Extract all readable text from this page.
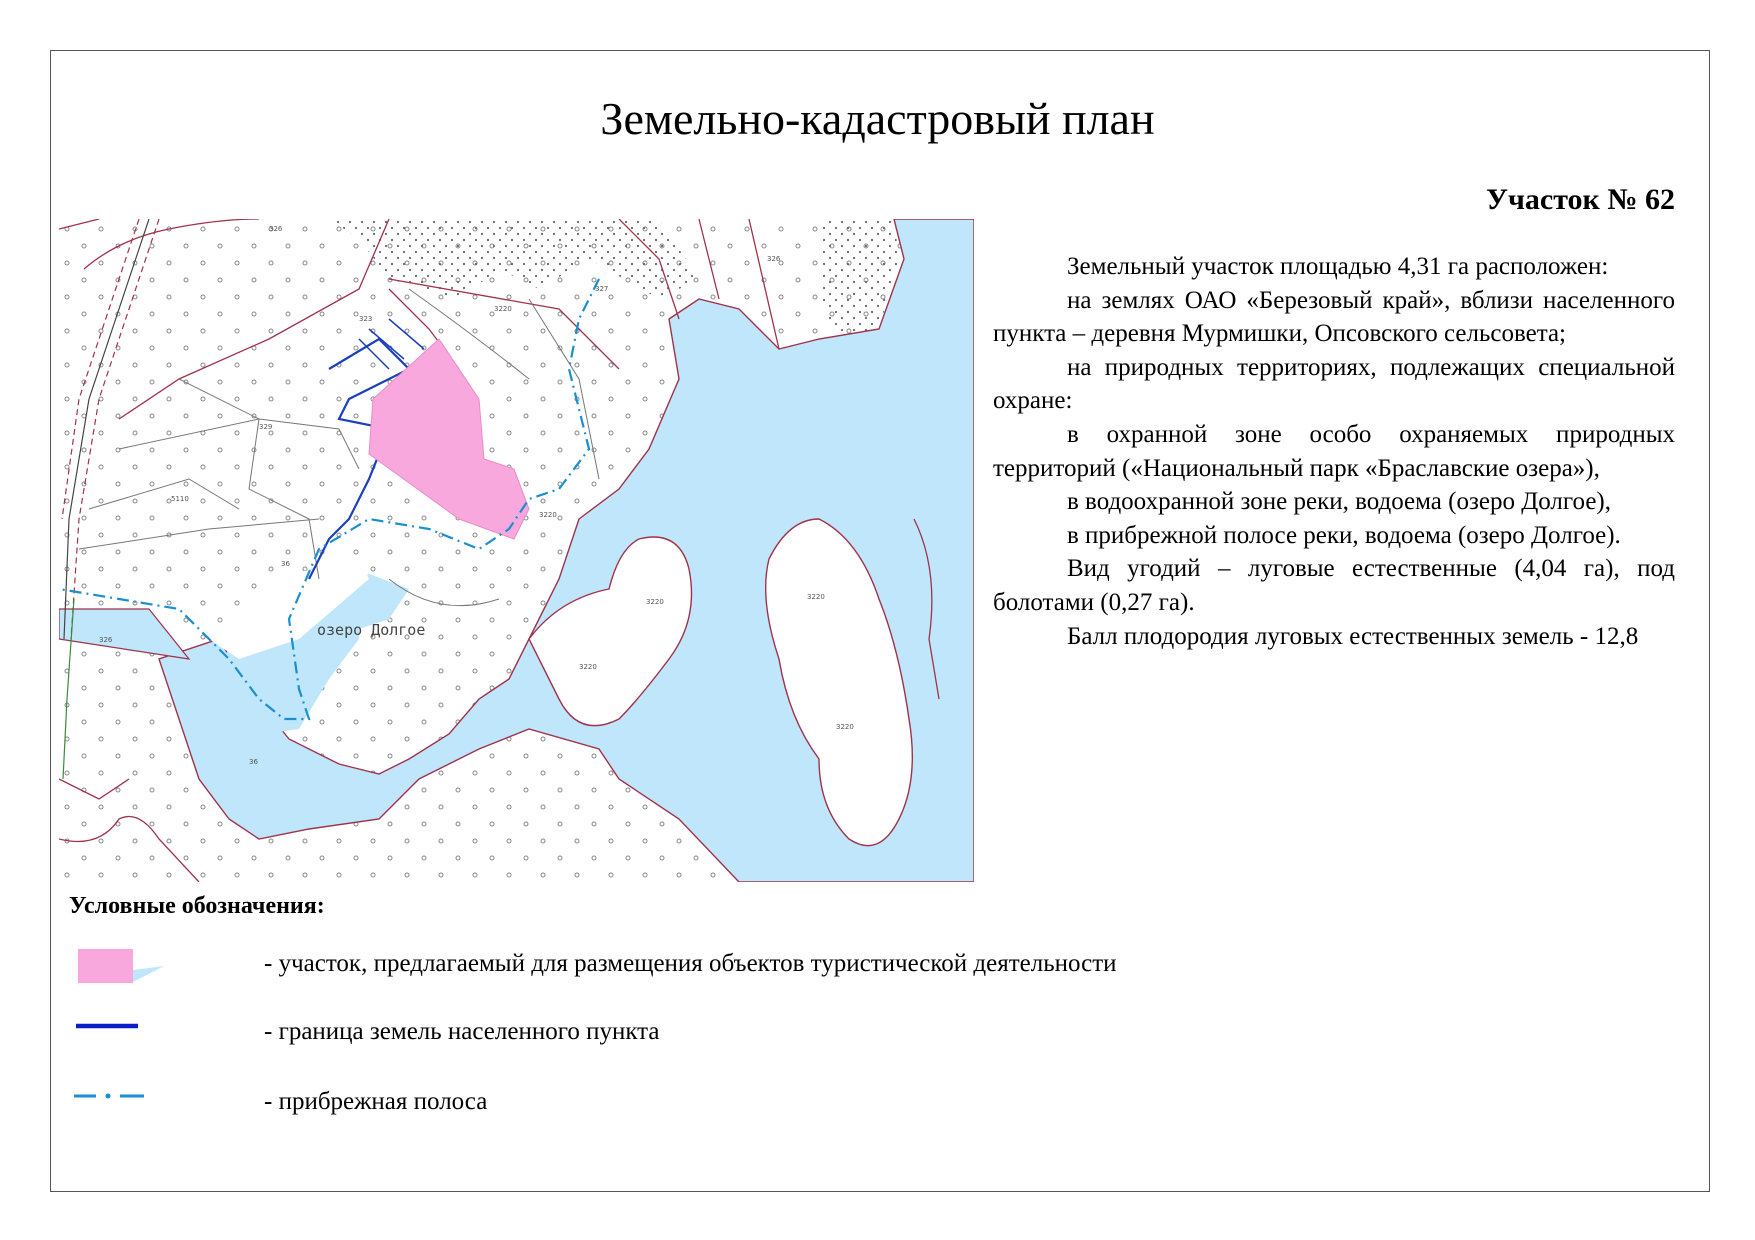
Земельно-кадастровый план
Участок № 62

Земельный участок площадью 4,31 га расположен:

на землях ОАО «Березовый край», вблизи населенного пункта – деревня Мурмишки, Опсовского сельсовета;

на природных территориях, подлежащих специальной охране:

в охранной зоне особо охраняемых природных территорий («Национальный парк «Браславские озера»),

в водоохранной зоне реки, водоема (озеро Долгое),

в прибрежной полосе реки, водоема (озеро Долгое).

Вид угодий – луговые естественные (4,04 га), под болотами (0,27 га).

Балл плодородия луговых естественных земель - 12,8

326
326
329
323
3220
327
3220
5110
36
36
3220
3220
3220
3220
326
озеро Долгое
Условные обозначения:
- участок, предлагаемый для размещения объектов туристической деятельности
- граница земель населенного пункта
- прибрежная полоса
